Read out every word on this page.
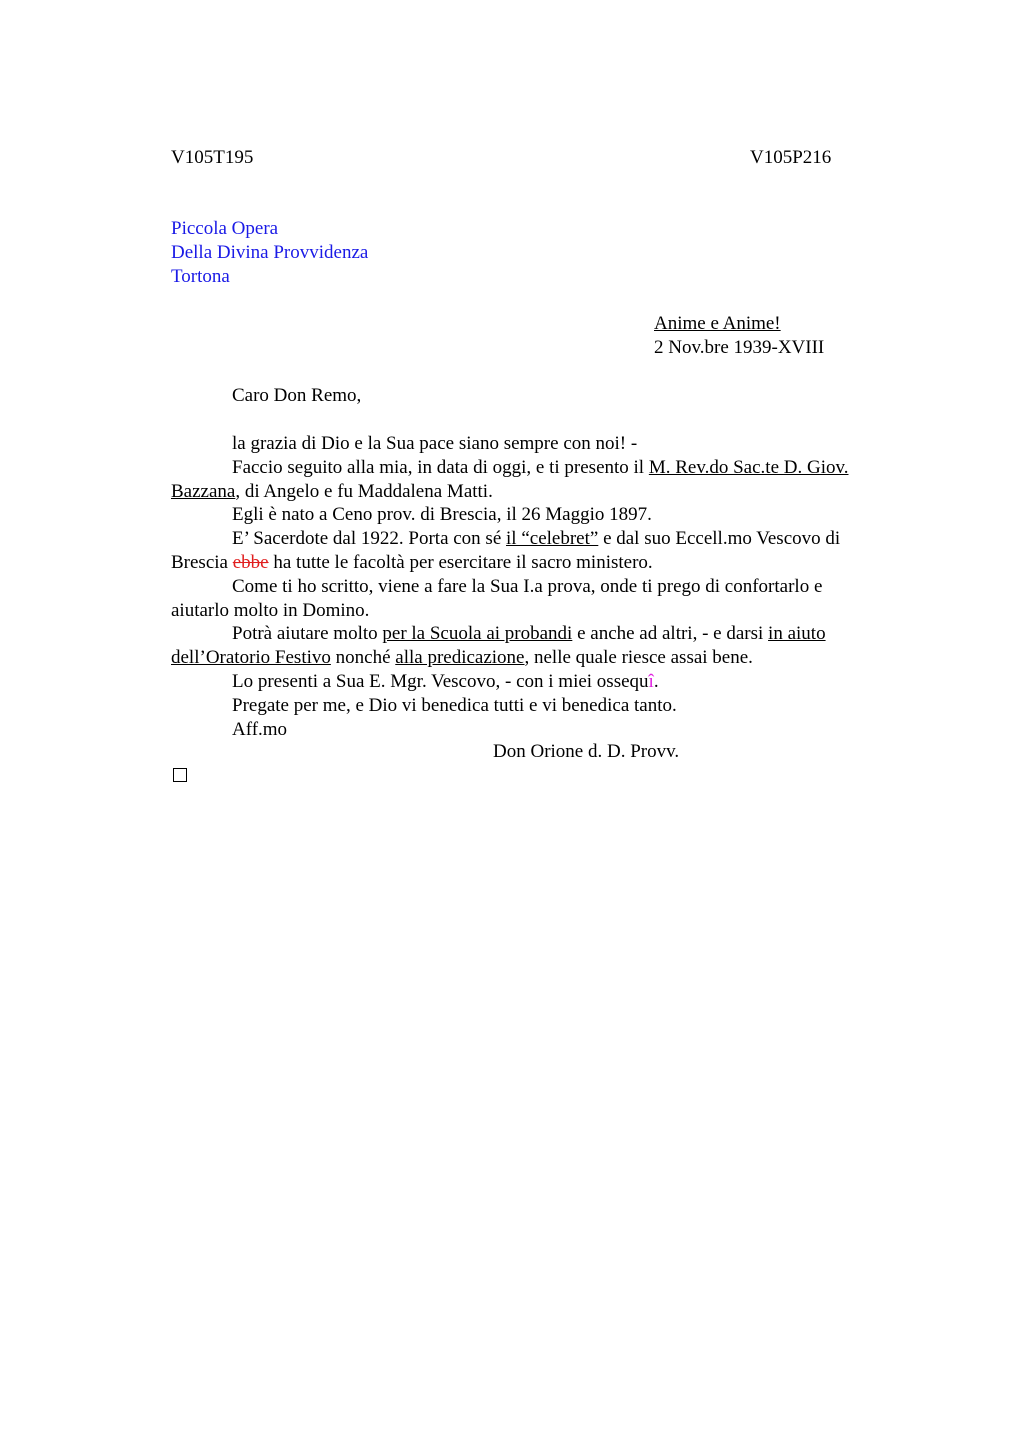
V105T195	V105P216
Piccola Opera
Della Divina Provvidenza
Tortona
Anime e Anime!
2 Nov.bre 1939-XVIII
Caro Don Remo,
la grazia di Dio e la Sua pace siano sempre con noi! -
Faccio seguito alla mia, in data di oggi, e ti presento il M. Rev.do Sac.te D. Giov.
Bazzana, di Angelo e fu Maddalena Matti.
Egli è nato a Ceno prov. di Brescia, il 26 Maggio 1897.
E’ Sacerdote dal 1922. Porta con sé il “celebret” e dal suo Eccell.mo Vescovo di
Brescia ebbe ha tutte le facoltà per esercitare il sacro ministero.
Come ti ho scritto, viene a fare la Sua I.a prova, onde ti prego di confortarlo e
aiutarlo molto in Domino.
Potrà aiutare molto per la Scuola ai probandi e anche ad altri, - e darsi in aiuto
dell’Oratorio Festivo nonché alla predicazione, nelle quale riesce assai bene.
Lo presenti a Sua E. Mgr. Vescovo, - con i miei ossequî.
Pregate per me, e Dio vi benedica tutti e vi benedica tanto.
Aff.mo
Don Orione d. D. Provv.
